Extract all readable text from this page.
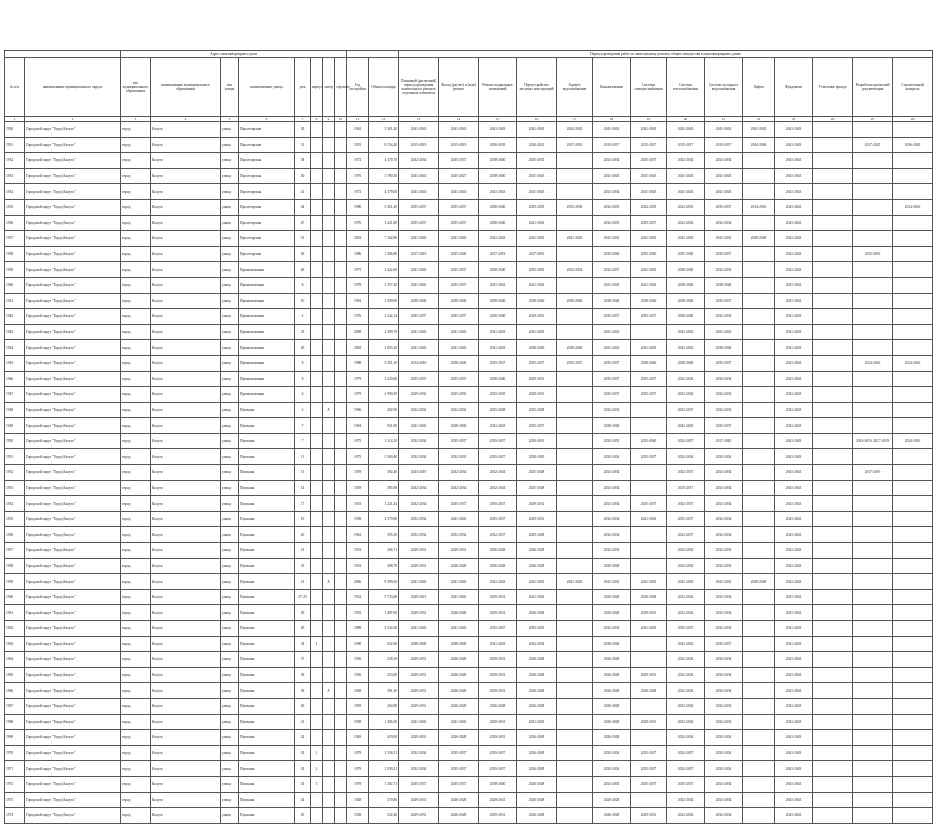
		Адрес многоквартирного дома										Период проведения работ по капитальному ремонту общего имущества в многоквартирных домах													
№ п/п	наименование муниципального округа	тип муниципального образования	наименование муниципального образования	тип улицы	наименование улицы	дом	корпус	литер	строение	Год постройки	Общая площадь	Плановый (расчетный) период проведения капитального ремонта отдельных элементов	Фасад (расчет) и (или) ремонт	Ремонт подвальных помещений	Переустройство несущих конструкций	Горячее водоснабжение	Канализование	Система электроснабжения	Система теплоснабжения	Система холодного водоснабжения	Лифты	Фундамент	Утепление фасада	Разработка проектной документации	Строительный контроль
1	2	3	4	5	6	7	8	9	10	11	12	13	14	15	16	17	18	19	20	21	22	23	24	25	26
1930	Городской округ "Город Калуга"	город	Калуга	улица	Пролетарская	30				1962	5 301,20	2041-2043	2041-2043	2041-2043	2041-2043	2042-2043	2041-2043	2041-2043	2041-2043	2041-2043	2041-2043	2041-2043			
1931	Городской округ "Город Калуга"	город	Калуга	улица	Пролетарская	31				1955	8 154,40	2015-2019	2015-2019	2030-2035	2020-2021	2017-2019	2015-2017	2015-2017	2015-2017	2015-2017	2044-2046	2041-2043		2017-2025	2016-2020
1932	Городской округ "Город Калуга"	город	Калуга	улица	Пролетарская	38				1972	4 370,70	2032-2034	2035-2037	2038-2040	2035-2035		2032-2034	2035-2037	2032-2034	2032-2034		2041-2043			
1933	Городской округ "Город Калуга"	город	Калуга	улица	Пролетарская	40				1976	1 780,50	2041-2043	2025-2027	2038-2040	2041-2043		2041-2043	2041-2043	2041-2043	2041-2043		2041-2043			
1934	Городской округ "Город Калуга"	город	Калуга	улица	Пролетарская	41				1972	4 379,00	2041-2043	2041-2043	2041-2043	2041-2043		2032-2034	2041-2043	2041-2043	2041-2043		2041-2043			
1935	Городской округ "Город Калуга"	город	Калуга	улица	Пролетарская	44				1980	5 451,20	2035-2037	2035-2037	2038-2040	2035-2035	2035-2038	2032-2035	2032-2035	2032-2035	2035-2037	2014-2016	2041-2043			2014-2016
1936	Городской округ "Город Калуга"	город	Калуга	улица	Пролетарская	47				1976	3 421,80	2035-2037	2035-2037	2038-2040	2041-2043		2032-2035	2035-2037	2032-2034	2032-2034		2041-2043			
1937	Городской округ "Город Калуга"	город	Калуга	улица	Пролетарская	51				2002	7 162,80	2041-2043	2041-2043	2041-2043	2041-2043	2041-2043	2041-2043	2041-2043	2041-2043	2041-2043	2038-2040	2041-2043			
1938	Городской округ "Город Калуга"	город	Калуга	улица	Пролетарская	56				1986	1 286,80	2017-2019	2035-2040	2017-2019	2017-2019		2035-2040	2035-2040	2035-2040	2035-2037		2041-2043		2015-2016	
1939	Городской округ "Город Калуга"	город	Калуга	улица	Промышленная	40				1975	3 422,00	2041-2043	2035-2037	2038-2040	2035-2035	2032-2034	2032-2037	2041-2043	2038-2040	2032-2034		2041-2043			
1940	Городской округ "Город Калуга"	город	Калуга	улица	Промышленная	6				1978	2 357,20	2041-2043	2035-2037	2041-2043	2041-2043		2041-2043	2041-2043	2038-2040	2038-2040		2041-2043			
1941	Городской округ "Город Калуга"	город	Калуга	улица	Промышленная	10				1994	2 500,00	2038-2040	2038-2040	2038-2040	2038-2040	2038-2040	2038-2040	2038-2040	2038-2040	2035-2037		2041-2043			
1942	Городской округ "Город Калуга"	город	Калуга	улица	Промышленная	2				1976	3 242,14	2035-2037	2035-2037	2038-2040	2029-2031		2035-2037	2035-2037	2038-2040	2032-2034		2041-2043			
1943	Городской округ "Город Калуга"	город	Калуга	улица	Промышленная	23				2008	2 389,79	2041-2043	2041-2043	2041-2043	2041-2043		2041-2043		2041-2043	2041-2043		2041-2043			
1944	Городской округ "Город Калуга"	город	Калуга	улица	Промышленная	26				2005	2 003,10	2041-2043	2041-2043	2041-2043	2038-2040	2038-2040	2041-2043	2041-2043	2041-2043	2038-2040		2041-2043			
1945	Городской округ "Город Калуга"	город	Калуга	улица	Промышленная	8				1988	5 451,10	2014-2016	2038-2040	2035-2037	2035-2037	2035-2037	2035-2037	2038-2040	2038-2040	2035-2037		2041-2043		2014-2016	2014-2016
1946	Городской округ "Город Калуга"	город	Калуга	улица	Промышленная	6				1979	3 220,60	2035-2037	2035-2037	2038-2040	2029-2031		2035-2037	2035-2037	2032-2034	2032-2034		2041-2043			
1947	Городской округ "Город Калуга"	город	Калуга	улица	Промышленная	6				1979	2 990,59	2029-2032	2035-2035	2035-2035	2029-2031		2035-2037	2035-2037	2032-2034	2032-2034		2041-2043			
1948	Городской округ "Город Калуга"	город	Калуга	улица	Пушкина	2		А		1966	402,90	2032-2034	2032-2034	2025-2028	2025-2028		2032-2034		2032-2037	2032-2034		2041-2043			
1949	Городской округ "Город Калуга"	город	Калуга	улица	Пушкина	7				1994	921,00	2041-2043	2038-2040	2041-2043	2035-2037		2038-2040		2041-2043	2035-2037		2041-2043			
1950	Городской округ "Город Калуга"	город	Калуга	улица	Пушкина	7				1975	1 314,10	2032-2034	2035-2037	2035-2037	2029-2031		2032-2035	2035-2040	2032-2037	2017-2020		2041-2043		2014-2016, 2017-2019	2014-2016
1951	Городской округ "Город Калуга"	город	Калуга	улица	Пушкина	11				1975	5 300,40	2032-2034	2032-2035	2025-2027	2028-2030		2032-2034	2035-2037	2032-2034	2032-2034		2041-2043			
1952	Городской округ "Город Калуга"	город	Калуга	улица	Пушкина	13				1959	392,40	2023-2019	2032-2034	2032-2034	2025-2028		2032-2034		2032-2037	2032-2034		2041-2043		2017-2019	
1953	Городской округ "Город Калуга"	город	Калуга	улица	Пушкина	14				1929	385,90	2032-2034	2032-2034	2032-2034	2025-2028		2032-2034		2015-2017	2032-2034		2041-2043			
1954	Городской округ "Город Калуга"	город	Калуга	улица	Пушкина	17				1953	1 221,43	2032-2034	2035-2037	2035-2037	2029-2031		2032-2034	2035-2037	2032-2037	2032-2034		2041-2043			
1955	Городской округ "Город Калуга"	город	Калуга	улица	Пушкина	19				1958	4 570,80	2032-2034	2041-2043	2035-2037	2029-2031		2032-2034	2041-2043	2035-2037	2032-2034		2041-2043			
1956	Городской округ "Город Калуга"	город	Калуга	улица	Пушкина	20				1962	595,30	2032-2034	2032-2034	2032-2037	2025-2028		2032-2034		2032-2037	2032-2034		2041-2043			
1957	Городской округ "Город Калуга"	город	Калуга	улица	Пушкина	21				1953	266,71	2029-2031	2029-2031	2026-2028	2026-2028		2032-2034		2032-2034	2032-2034		2041-2043			
1958	Городской округ "Город Калуга"	город	Калуга	улица	Пушкина	23				1933	408,70	2029-2031	2026-2028	2026-2028	2026-2028		2026-2028		2032-2034	2032-2034		2041-2043			
1959	Городской округ "Город Калуга"	город	Калуга	улица	Пушкина	21		А		2006	9 399,50	2041-2043	2041-2043	2041-2043	2041-2043	2041-2043	2041-2043	2041-2043	2041-2043	2041-2043	2038-2040	2041-2043			
1960	Городской округ "Город Калуга"	город	Калуга	улица	Пушкина	27-25				1932	5 723,60	2020-2021	2041-2043	2029-2031	2041-2043		2020-2028	2020-2028	2032-2034	2032-2034		2041-2043			
1961	Городской округ "Город Калуга"	город	Калуга	улица	Пушкина	29				1935	1 487,00	2029-2031	2026-2028	2029-2031	2026-2028		2026-2028	2029-2031	2032-2034	2032-2034		2041-2043			
1962	Городской округ "Город Калуга"	город	Калуга	улица	Пушкина	29				1989	5 234,50	2041-2043	2041-2043	2035-2037	2035-2035		2032-2034	2041-2043	2035-2037	2032-2034		2041-2043			
1963	Городской округ "Город Калуга"	город	Калуга	улица	Пушкина	34	1			1990	632,90	2038-2040	2038-2040	2041-2043	2032-2034		2038-2040		2041-2043	2035-2037		2041-2043			
1964	Городской округ "Город Калуга"	город	Калуга	улица	Пушкина	37				1936	258,10	2029-2031	2026-2028	2029-2031	2026-2028		2026-2028		2032-2034	2032-2034		2041-2043			
1965	Городской округ "Город Калуга"	город	Калуга	улица	Пушкина	39				1936	253,00	2029-2031	2026-2028	2029-2031	2026-2028		2026-2028	2029-2031	2032-2034	2032-2034		2041-2043			
1966	Городской округ "Город Калуга"	город	Калуга	улица	Пушкина	39		А		1948	391,20	2029-2031	2026-2028	2029-2031	2026-2028		2026-2028	2026-2028	2032-2034	2032-2034		2041-2043			
1967	Городской округ "Город Калуга"	город	Калуга	улица	Пушкина	40				1959	264,90	2029-2031	2026-2028	2026-2028	2026-2028		2026-2028		2032-2034	2032-2034		2041-2043			
1968	Городской округ "Город Калуга"	город	Калуга	улица	Пушкина	41				1958	1 286,50	2041-2043	2041-2043	2029-2031	2041-2043		2026-2028	2029-2031	2032-2034	2032-2034		2041-2043			
1969	Городской округ "Город Калуга"	город	Калуга	улица	Пушкина	42				1949	419,00	2029-2031	2026-2028	2029-2031	2026-2028		2026-2028		2032-2034	2032-2034		2041-2043			
1970	Городской округ "Город Калуга"	город	Калуга	улица	Пушкина	43	1			1978	3 356,51	2032-2034	2035-2037	2035-2037	2026-2028		2032-2034	2035-2037	2032-2037	2032-2034		2041-2043			
1971	Городской округ "Город Калуга"	город	Калуга	улица	Пушкина	43	2			1979	2 599,21	2032-2034	2035-2037	2035-2037	2026-2028		2032-2034	2035-2037	2032-2037	2032-2034		2041-2043			
1972	Городской округ "Город Калуга"	город	Калуга	улица	Пушкина	43	3			1978	1 302,71	2035-2037	2035-2037	2038-2040	2026-2028		2032-2035	2035-2037	2035-2037	2032-2034		2041-2043			
1973	Городской округ "Город Калуга"	город	Калуга	улица	Пушкина	44				1948	370,80	2029-2031	2026-2028	2029-2031	2026-2028		2026-2028		2032-2034	2032-2034		2041-2043			
1974	Городской округ "Город Калуга"	город	Калуга	улица	Пушкина	45				1928	332,40	2029-2031	2026-2028	2029-2031	2026-2028		2026-2028	2029-2031	2032-2034	2032-2034		2041-2043			
